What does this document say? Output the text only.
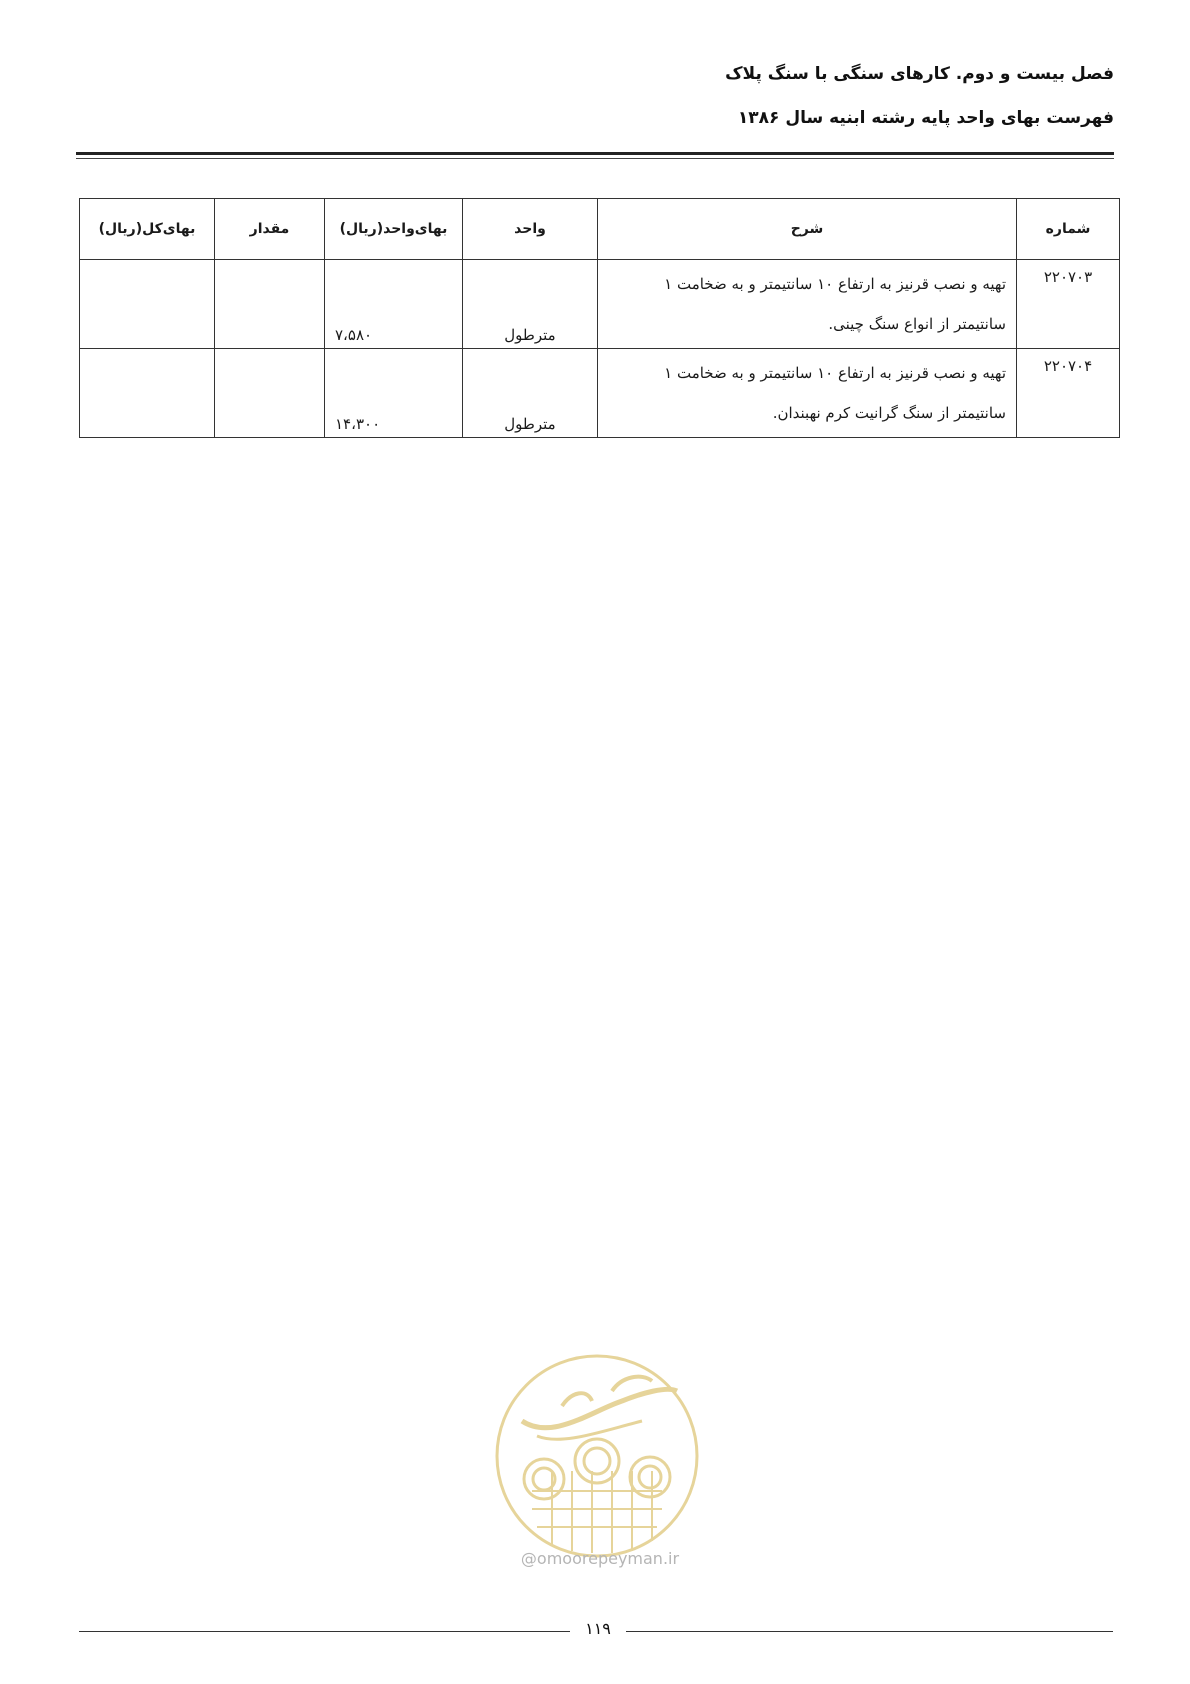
فصل بیست و دوم. کارهای سنگی با سنگ پلاک
فهرست بهای واحد پایه رشته ابنیه سال ۱۳۸۶
شماره	شرح	واحد	بهای‌واحد(ریال)	مقدار	بهای‌کل(ریال)
۲۲۰۷۰۳	تهیه و نصب قرنیز به ارتفاع ۱۰ سانتیمتر و به ضخامت ۱ سانتیمتر از انواع سنگ چینی.	مترطول	۷،۵۸۰		
۲۲۰۷۰۴	تهیه و نصب قرنیز به ارتفاع ۱۰ سانتیمتر و به ضخامت ۱ سانتیمتر از سنگ گرانیت کرم نهبندان.	مترطول	۱۴،۳۰۰		
@omoorepeyman.ir
۱۱۹
